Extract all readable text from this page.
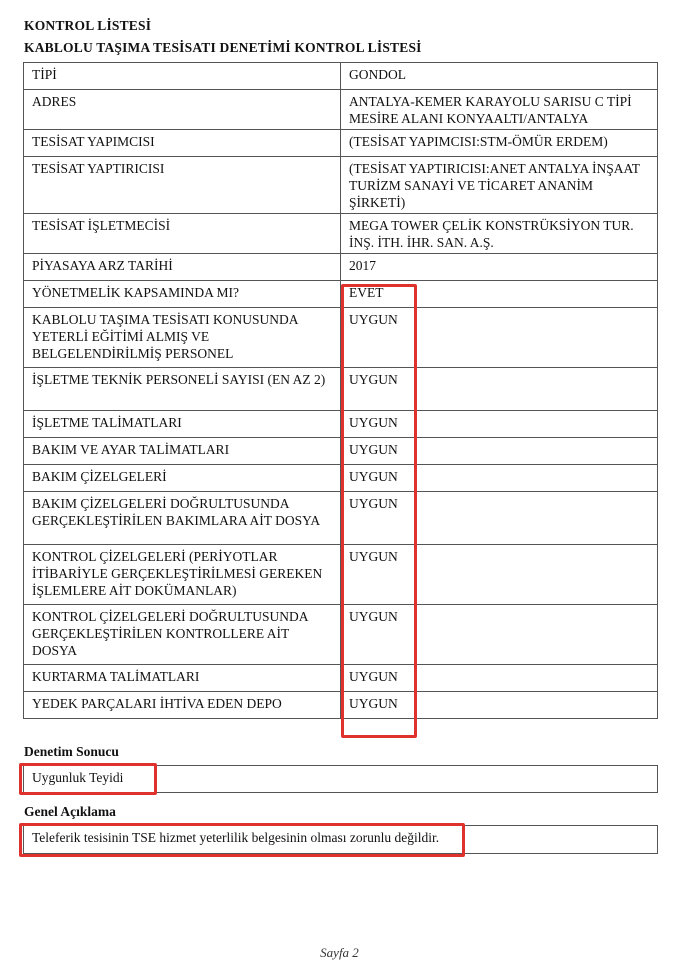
KONTROL LİSTESİ
KABLOLU TAŞIMA TESİSATI DENETİMİ KONTROL LİSTESİ
TİPİ	GONDOL
ADRES	ANTALYA-KEMER KARAYOLU SARISU C TİPİ MESİRE ALANI KONYAALTI/ANTALYA
TESİSAT YAPIMCISI	(TESİSAT YAPIMCISI:STM-ÖMÜR ERDEM)
TESİSAT YAPTIRICISI	(TESİSAT YAPTIRICISI:ANET ANTALYA İNŞAAT TURİZM SANAYİ VE TİCARET ANANİM ŞİRKETİ)
TESİSAT İŞLETMECİSİ	MEGA TOWER ÇELİK KONSTRÜKSİYON TUR. İNŞ. İTH. İHR. SAN. A.Ş.
PİYASAYA ARZ TARİHİ	2017
YÖNETMELİK KAPSAMINDA MI?	EVET
KABLOLU TAŞIMA TESİSATI KONUSUNDA YETERLİ EĞİTİMİ ALMIŞ VE BELGELENDİRİLMİŞ PERSONEL	UYGUN
İŞLETME TEKNİK PERSONELİ SAYISI (EN AZ 2)	UYGUN
İŞLETME TALİMATLARI	UYGUN
BAKIM VE AYAR TALİMATLARI	UYGUN
BAKIM ÇİZELGELERİ	UYGUN
BAKIM ÇİZELGELERİ DOĞRULTUSUNDA GERÇEKLEŞTİRİLEN BAKIMLARA AİT DOSYA	UYGUN
KONTROL ÇİZELGELERİ (PERİYOTLAR İTİBARİYLE GERÇEKLEŞTİRİLMESİ GEREKEN İŞLEMLERE AİT DOKÜMANLAR)	UYGUN
KONTROL ÇİZELGELERİ DOĞRULTUSUNDA GERÇEKLEŞTİRİLEN KONTROLLERE AİT DOSYA	UYGUN
KURTARMA TALİMATLARI	UYGUN
YEDEK PARÇALARI İHTİVA EDEN DEPO	UYGUN
Denetim Sonucu
Uygunluk Teyidi
Genel Açıklama
Teleferik tesisinin TSE hizmet yeterlilik belgesinin olması zorunlu değildir.
Sayfa 2
